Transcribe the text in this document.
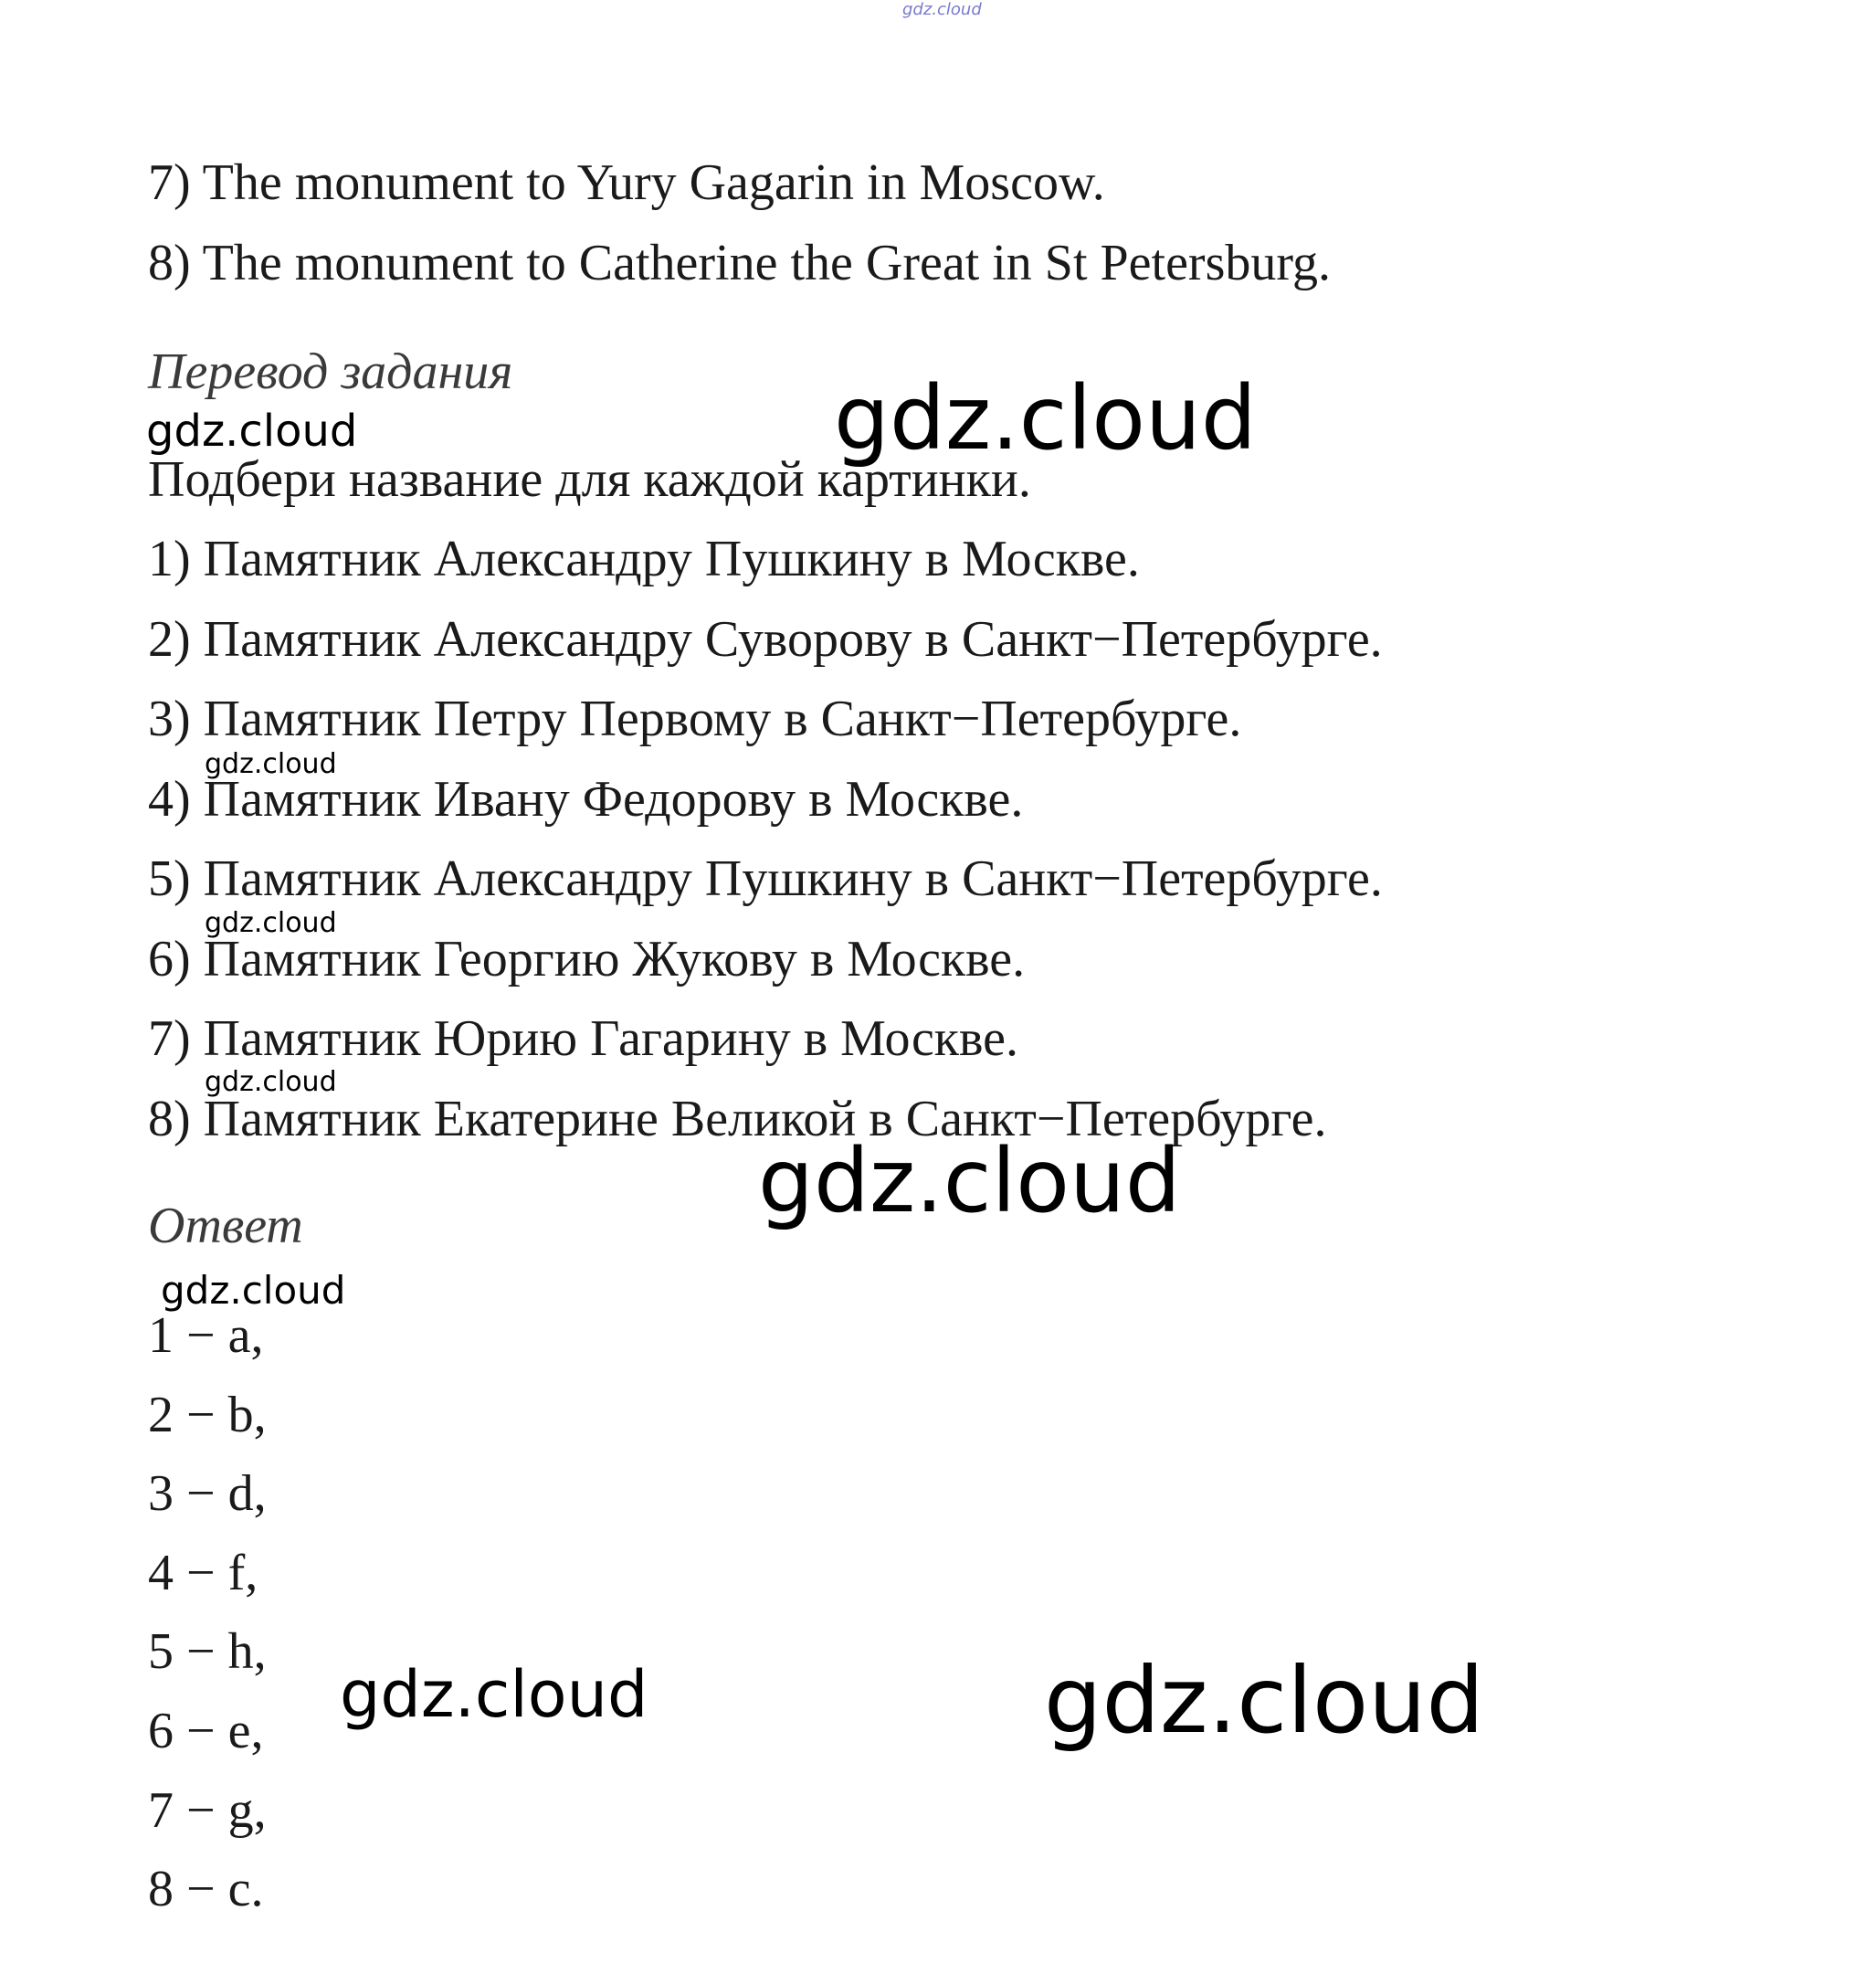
gdz.cloud

7) The monument to Yury Gagarin in Moscow.

8) The monument to Catherine the Great in St Petersburg.

Перевод задания

Подбери название для каждой картинки.

1) Памятник Александру Пушкину в Москве.

2) Памятник Александру Суворову в Санкт−Петербурге.

3) Памятник Петру Первому в Санкт−Петербурге.

4) Памятник Ивану Федорову в Москве.

5) Памятник Александру Пушкину в Санкт−Петербурге.

6) Памятник Георгию Жукову в Москве.

7) Памятник Юрию Гагарину в Москве.

8) Памятник Екатерине Великой в Санкт−Петербурге.

Ответ

1 − a,

2 − b,

3 − d,

4 − f,

5 − h,

6 − e,

7 − g,

8 − c.

gdz.cloud
gdz.cloud
gdz.cloud
gdz.cloud
gdz.cloud
gdz.cloud
gdz.cloud
gdz.cloud	gdz.cloud
